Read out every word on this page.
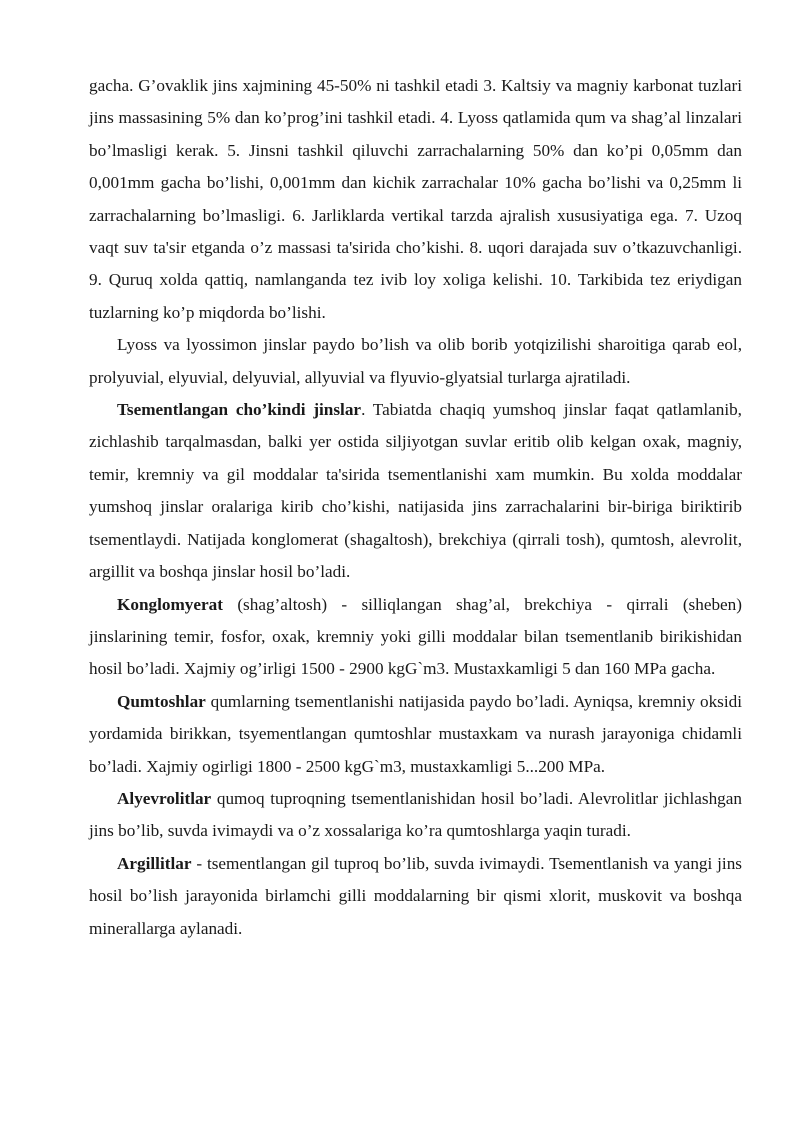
gacha. G’ovaklik jins xajmining 45-50% ni tashkil etadi 3. Kaltsiy va magniy karbonat tuzlari jins massasining 5% dan ko’prog’ini tashkil etadi. 4. Lyoss qatlamida qum va shag’al linzalari bo’lmasligi kerak. 5. Jinsni tashkil qiluvchi zarrachalarning 50% dan ko’pi 0,05mm dan 0,001mm gacha bo’lishi, 0,001mm dan kichik zarrachalar 10% gacha bo’lishi va 0,25mm li zarrachalarning bo’lmasligi. 6. Jarliklarda vertikal tarzda ajralish xususiyatiga ega. 7. Uzoq vaqt suv ta'sir etganda o’z massasi ta'sirida cho’kishi. 8. uqori darajada suv o’tkazuvchanligi. 9. Quruq xolda qattiq, namlanganda tez ivib loy xoliga kelishi. 10. Tarkibida tez eriydigan tuzlarning ko’p miqdorda bo’lishi.

Lyoss va lyossimon jinslar paydo bo’lish va olib borib yotqizilishi sharoitiga qarab eol, prolyuvial, elyuvial, delyuvial, allyuvial va flyuvio-glyatsial turlarga ajratiladi.

Tsementlangan cho’kindi jinslar. Tabiatda chaqiq yumshoq jinslar faqat qatlamlanib, zichlashib tarqalmasdan, balki yer ostida siljiyotgan suvlar eritib olib kelgan oxak, magniy, temir, kremniy va gil moddalar ta'sirida tsementlanishi xam mumkin. Bu xolda moddalar yumshoq jinslar oralariga kirib cho’kishi, natijasida jins zarrachalarini bir-biriga biriktirib tsementlaydi. Natijada konglomerat (shagaltosh), brekchiya (qirrali tosh), qumtosh, alevrolit, argillit va boshqa jinslar hosil bo’ladi.

Konglomyerat (shag’altosh) - silliqlangan shag’al, brekchiya - qirrali (sheben) jinslarining temir, fosfor, oxak, kremniy yoki gilli moddalar bilan tsementlanib birikishidan hosil bo’ladi. Xajmiy og’irligi 1500 - 2900 kgG`m3. Mustaxkamligi 5 dan 160 MPa gacha.

Qumtoshlar qumlarning tsementlanishi natijasida paydo bo’ladi. Ayniqsa, kremniy oksidi yordamida birikkan, tsyementlangan qumtoshlar mustaxkam va nurash jarayoniga chidamli bo’ladi. Xajmiy ogirligi 1800 - 2500 kgG`m3, mustaxkamligi 5...200 MPa.

Alyevrolitlar qumoq tuproqning tsementlanishidan hosil bo’ladi. Alevrolitlar jichlashgan jins bo’lib, suvda ivimaydi va o’z xossalariga ko’ra qumtoshlarga yaqin turadi.

Argillitlar - tsementlangan gil tuproq bo’lib, suvda ivimaydi. Tsementlanish va yangi jins hosil bo’lish jarayonida birlamchi gilli moddalarning bir qismi xlorit, muskovit va boshqa minerallarga aylanadi.
